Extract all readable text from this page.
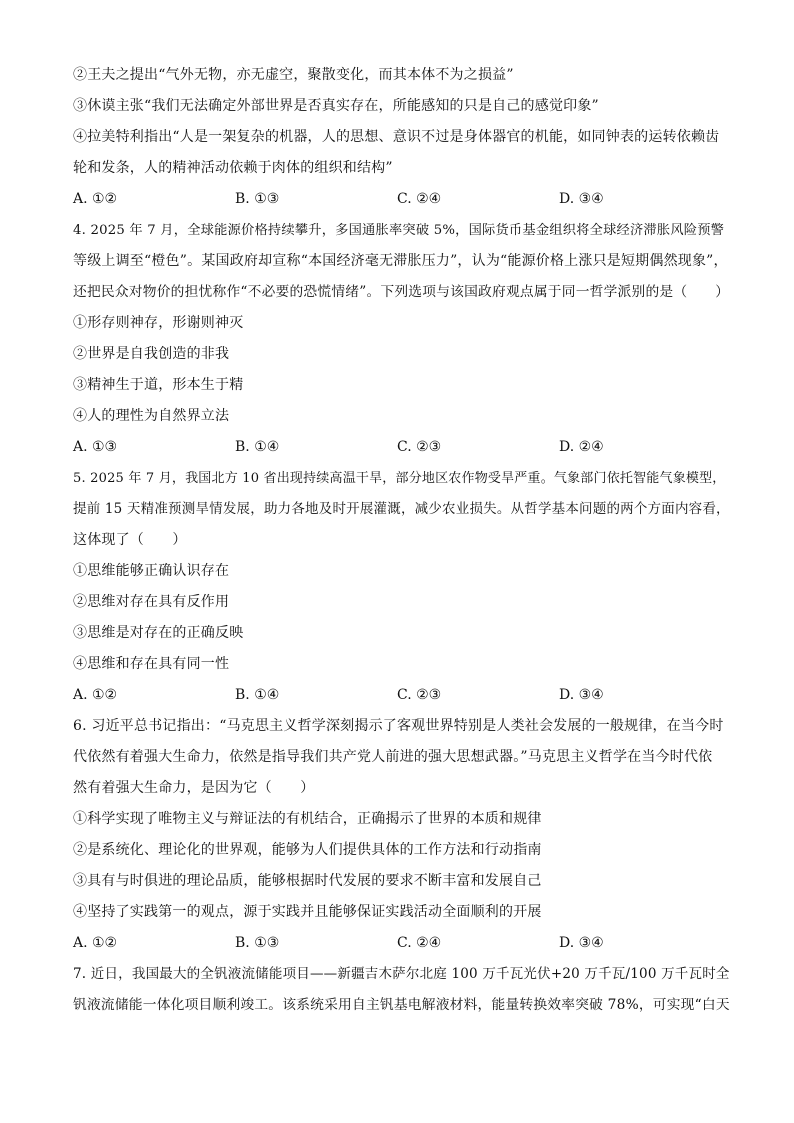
②王夫之提出“气外无物，亦无虚空，聚散变化，而其本体不为之损益”
③休谟主张“我们无法确定外部世界是否真实存在，所能感知的只是自己的感觉印象”
④拉美特利指出“人是一架复杂的机器，人的思想、意识不过是身体器官的机能，如同钟表的运转依赖齿
轮和发条，人的精神活动依赖于肉体的组织和结构”
A. ①②	B. ①③	C. ②④	D. ③④
4. 2025 年 7 月，全球能源价格持续攀升，多国通胀率突破 5%，国际货币基金组织将全球经济滞胀风险预警
等级上调至“橙色”。某国政府却宣称“本国经济毫无滞胀压力”，认为“能源价格上涨只是短期偶然现象”，
还把民众对物价的担忧称作“不必要的恐慌情绪”。下列选项与该国政府观点属于同一哲学派别的是（　　）
①形存则神存，形谢则神灭
②世界是自我创造的非我
③精神生于道，形本生于精
④人的理性为自然界立法
A. ①③	B. ①④	C. ②③	D. ②④
5. 2025 年 7 月，我国北方 10 省出现持续高温干旱，部分地区农作物受旱严重。气象部门依托智能气象模型，
提前 15 天精准预测旱情发展，助力各地及时开展灌溉，减少农业损失。从哲学基本问题的两个方面内容看，
这体现了（　　）
①思维能够正确认识存在
②思维对存在具有反作用
③思维是对存在的正确反映
④思维和存在具有同一性
A. ①②	B. ①④	C. ②③	D. ③④
6. 习近平总书记指出：“马克思主义哲学深刻揭示了客观世界特别是人类社会发展的一般规律，在当今时
代依然有着强大生命力，依然是指导我们共产党人前进的强大思想武器。”马克思主义哲学在当今时代依
然有着强大生命力，是因为它（　　）
①科学实现了唯物主义与辩证法的有机结合，正确揭示了世界的本质和规律
②是系统化、理论化的世界观，能够为人们提供具体的工作方法和行动指南
③具有与时俱进的理论品质，能够根据时代发展的要求不断丰富和发展自己
④坚持了实践第一的观点，源于实践并且能够保证实践活动全面顺利的开展
A. ①②	B. ①③	C. ②④	D. ③④
7. 近日，我国最大的全钒液流储能项目——新疆吉木萨尔北庭 100 万千瓦光伏+20 万千瓦/100 万千瓦时全
钒液流储能一体化项目顺利竣工。该系统采用自主钒基电解液材料，能量转换效率突破 78%，可实现“白天
